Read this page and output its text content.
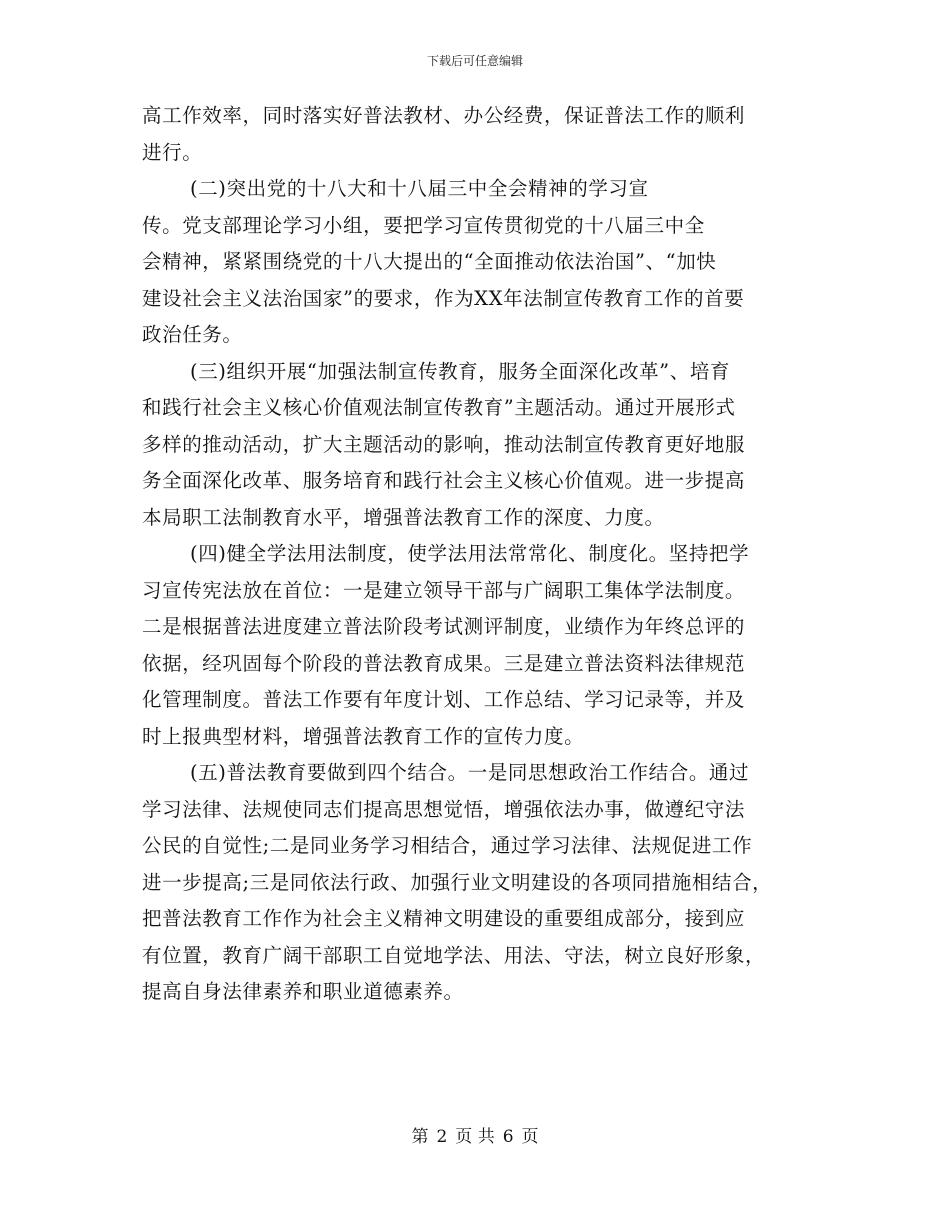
下载后可任意编辑
高工作效率，同时落实好普法教材、办公经费，保证普法工作的顺利
进行。
(二)突出党的十八大和十八届三中全会精神的学习宣
传。党支部理论学习小组，要把学习宣传贯彻党的十八届三中全
会精神，紧紧围绕党的十八大提出的“全面推动依法治国”、“加快
建设社会主义法治国家”的要求，作为XX年法制宣传教育工作的首要
政治任务。
(三)组织开展“加强法制宣传教育，服务全面深化改革”、培育
和践行社会主义核心价值观法制宣传教育”主题活动。通过开展形式
多样的推动活动，扩大主题活动的影响，推动法制宣传教育更好地服
务全面深化改革、服务培育和践行社会主义核心价值观。进一步提高
本局职工法制教育水平，增强普法教育工作的深度、力度。
(四)健全学法用法制度，使学法用法常常化、制度化。坚持把学
习宣传宪法放在首位：一是建立领导干部与广阔职工集体学法制度。
二是根据普法进度建立普法阶段考试测评制度，业绩作为年终总评的
依据，经巩固每个阶段的普法教育成果。三是建立普法资料法律规范
化管理制度。普法工作要有年度计划、工作总结、学习记录等，并及
时上报典型材料，增强普法教育工作的宣传力度。
(五)普法教育要做到四个结合。一是同思想政治工作结合。通过
学习法律、法规使同志们提高思想觉悟，增强依法办事，做遵纪守法
公民的自觉性;二是同业务学习相结合，通过学习法律、法规促进工作
进一步提高;三是同依法行政、加强行业文明建设的各项同措施相结合，
把普法教育工作作为社会主义精神文明建设的重要组成部分，接到应
有位置，教育广阔干部职工自觉地学法、用法、守法，树立良好形象，
提高自身法律素养和职业道德素养。
第 2 页 共 6 页
